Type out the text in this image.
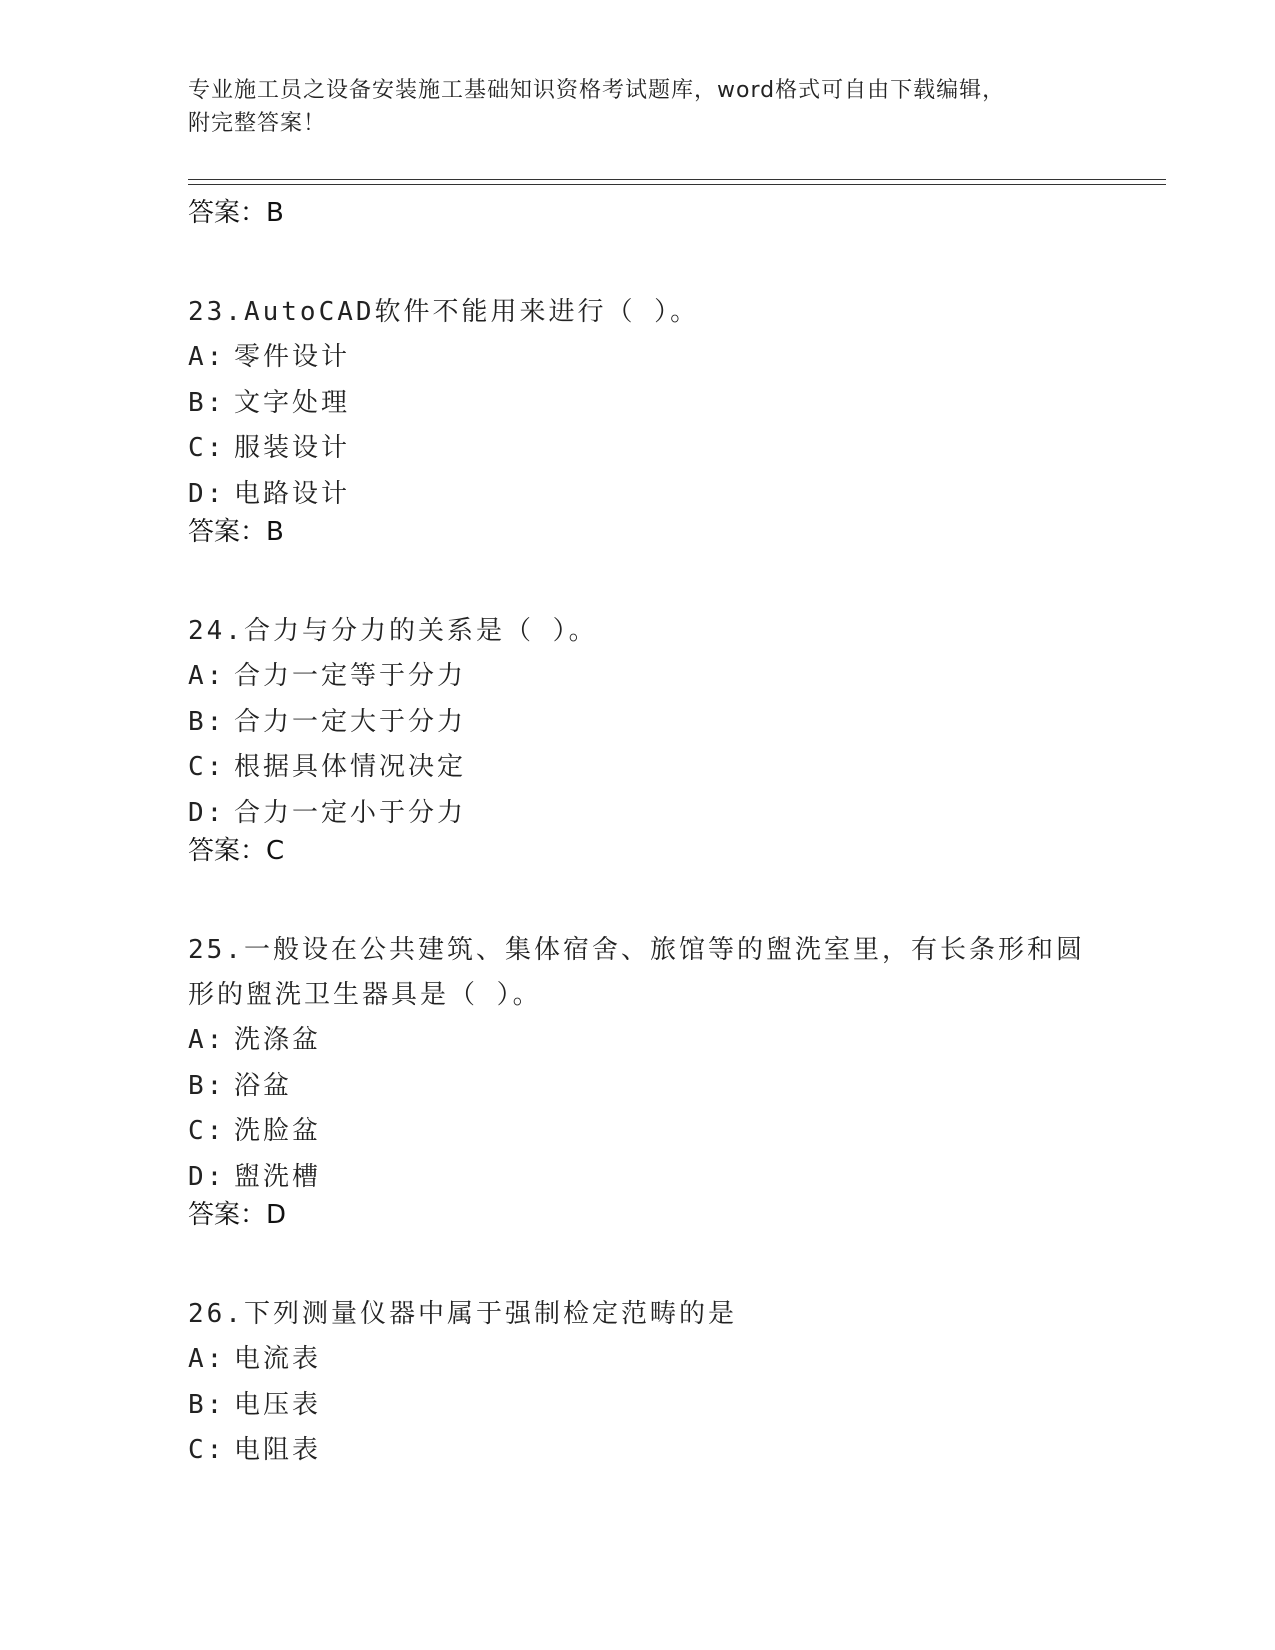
专业施工员之设备安装施工基础知识资格考试题库，word格式可自由下载编辑，
附完整答案！
答案：B
23.AutoCAD软件不能用来进行（ ）。
A: 零件设计
B: 文字处理
C: 服装设计
D: 电路设计
答案：B
24.合力与分力的关系是（ ）。
A: 合力一定等于分力
B: 合力一定大于分力
C: 根据具体情况决定
D: 合力一定小于分力
答案：C
25.一般设在公共建筑、集体宿舍、旅馆等的盥洗室里，有长条形和圆形的盥洗卫生器具是（ ）。
A: 洗涤盆
B: 浴盆
C: 洗脸盆
D: 盥洗槽
答案：D
26.下列测量仪器中属于强制检定范畴的是
A: 电流表
B: 电压表
C: 电阻表
